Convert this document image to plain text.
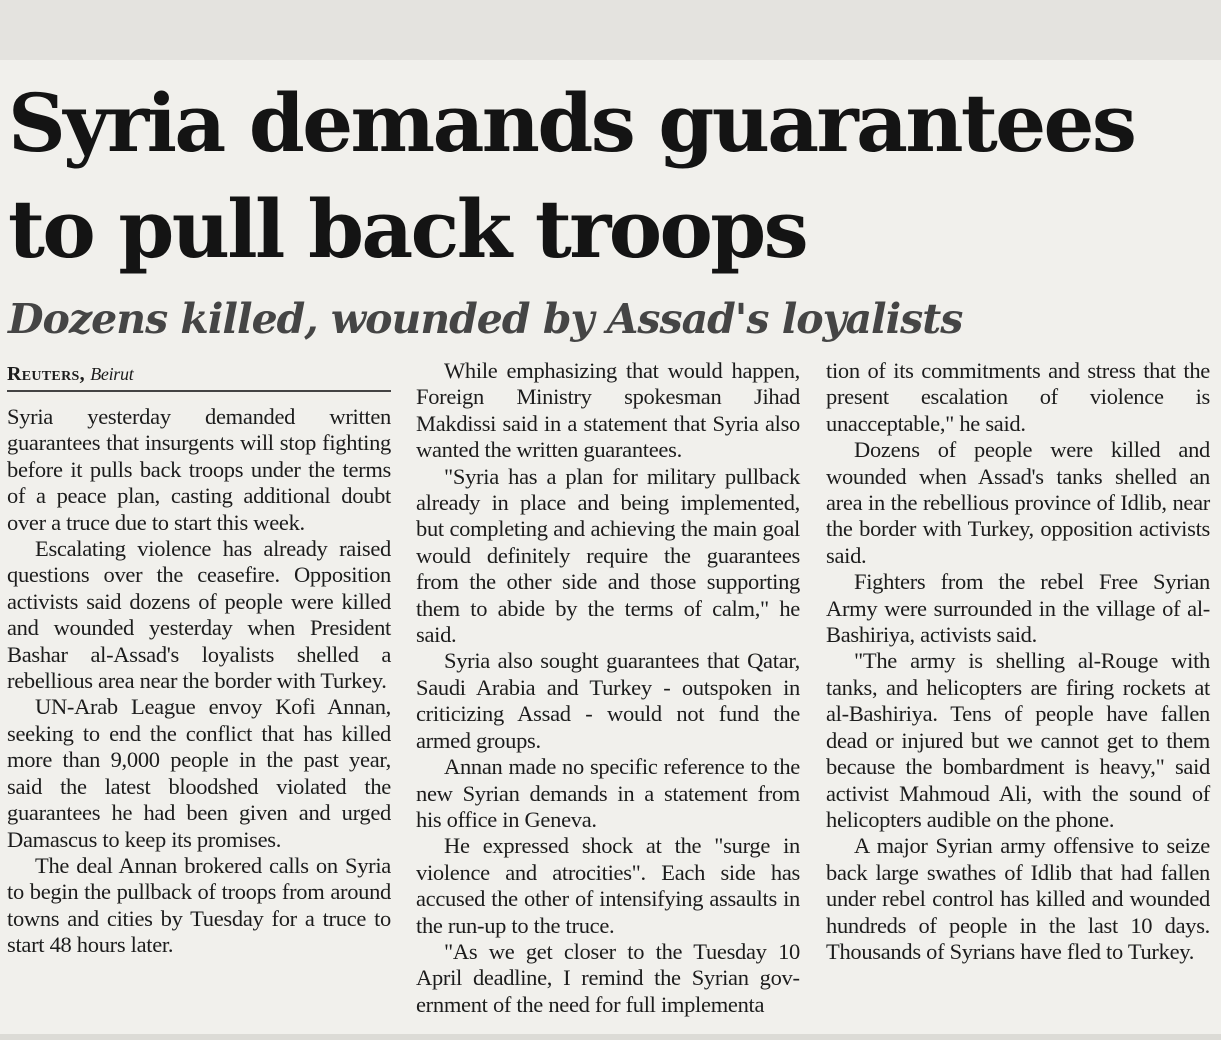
Syria demands guarantees
to pull back troops
Dozens killed, wounded by Assad's loyalists
Reuters, Beirut

Syria yesterday demanded written guarantees that insurgents will stop fighting before it pulls back troops under the terms of a peace plan, casting additional doubt over a truce due to start this week.

Escalating violence has already raised questions over the ceasefire. Opposition activists said dozens of people were killed and wounded yesterday when President Bashar al-Assad's loyalists shelled a rebellious area near the border with Turkey.

UN-Arab League envoy Kofi Annan, seeking to end the conflict that has killed more than 9,000 people in the past year, said the latest bloodshed violated the guarantees he had been given and urged Damascus to keep its promises.

The deal Annan brokered calls on Syria to begin the pullback of troops from around towns and cities by Tuesday for a truce to start 48 hours later.

While emphasizing that would happen, Foreign Ministry spokesman Jihad Makdissi said in a statement that Syria also wanted the written guarantees.

"Syria has a plan for military pullback already in place and being implemented, but completing and achieving the main goal would definitely require the guarantees from the other side and those supporting them to abide by the terms of calm," he said.

Syria also sought guarantees that Qatar, Saudi Arabia and Turkey - outspoken in criticizing Assad - would not fund the armed groups.

Annan made no specific reference to the new Syrian demands in a statement from his office in Geneva.

He expressed shock at the "surge in violence and atrocities". Each side has accused the other of intensifying assaults in the run-up to the truce.

"As we get closer to the Tuesday 10 April deadline, I remind the Syrian government of the need for full implementa

tion of its commitments and stress that the present escalation of violence is unacceptable," he said.

Dozens of people were killed and wounded when Assad's tanks shelled an area in the rebellious province of Idlib, near the border with Turkey, opposition activists said.

Fighters from the rebel Free Syrian Army were surrounded in the village of al-Bashiriya, activists said.

"The army is shelling al-Rouge with tanks, and helicopters are firing rockets at al-Bashiriya. Tens of people have fallen dead or injured but we cannot get to them because the bombardment is heavy," said activist Mahmoud Ali, with the sound of helicopters audible on the phone.

A major Syrian army offensive to seize back large swathes of Idlib that had fallen under rebel control has killed and wounded hundreds of people in the last 10 days. Thousands of Syrians have fled to Turkey.
